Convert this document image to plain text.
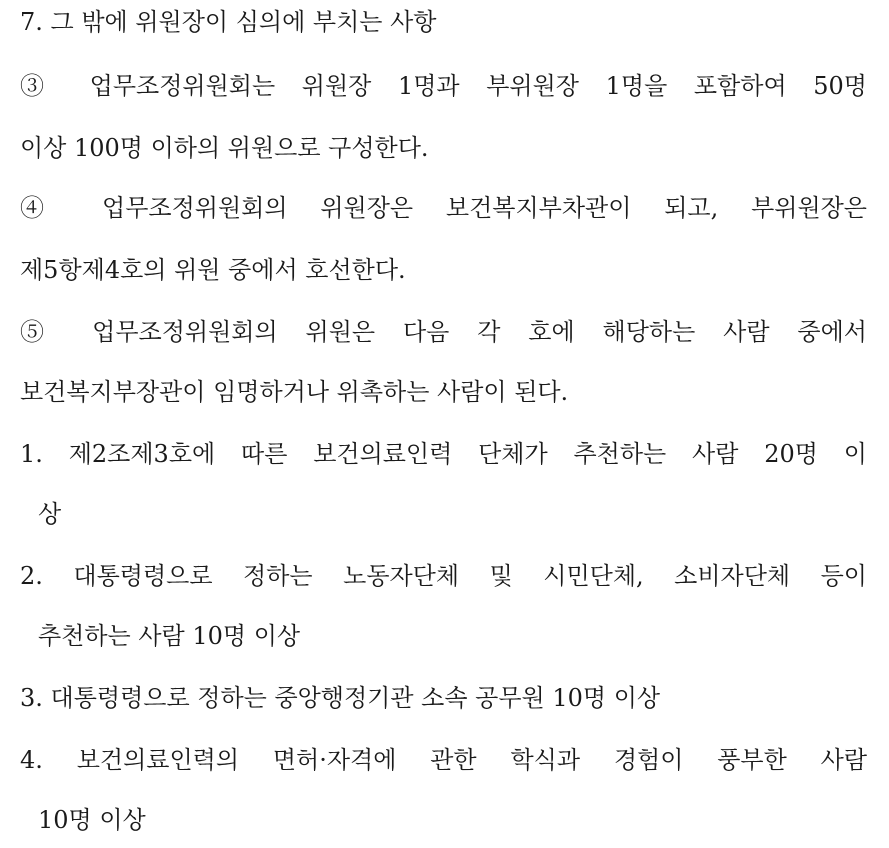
7. 그 밖에 위원장이 심의에 부치는 사항
③ 업무조정위원회는 위원장 1명과 부위원장 1명을 포함하여 50명
이상 100명 이하의 위원으로 구성한다.
④ 업무조정위원회의 위원장은 보건복지부차관이 되고, 부위원장은
제5항제4호의 위원 중에서 호선한다.
⑤ 업무조정위원회의 위원은 다음 각 호에 해당하는 사람 중에서
보건복지부장관이 임명하거나 위촉하는 사람이 된다.
1. 제2조제3호에 따른 보건의료인력 단체가 추천하는 사람 20명 이
상
2. 대통령령으로 정하는 노동자단체 및 시민단체, 소비자단체 등이
추천하는 사람 10명 이상
3. 대통령령으로 정하는 중앙행정기관 소속 공무원 10명 이상
4. 보건의료인력의 면허·자격에 관한 학식과 경험이 풍부한 사람
10명 이상
